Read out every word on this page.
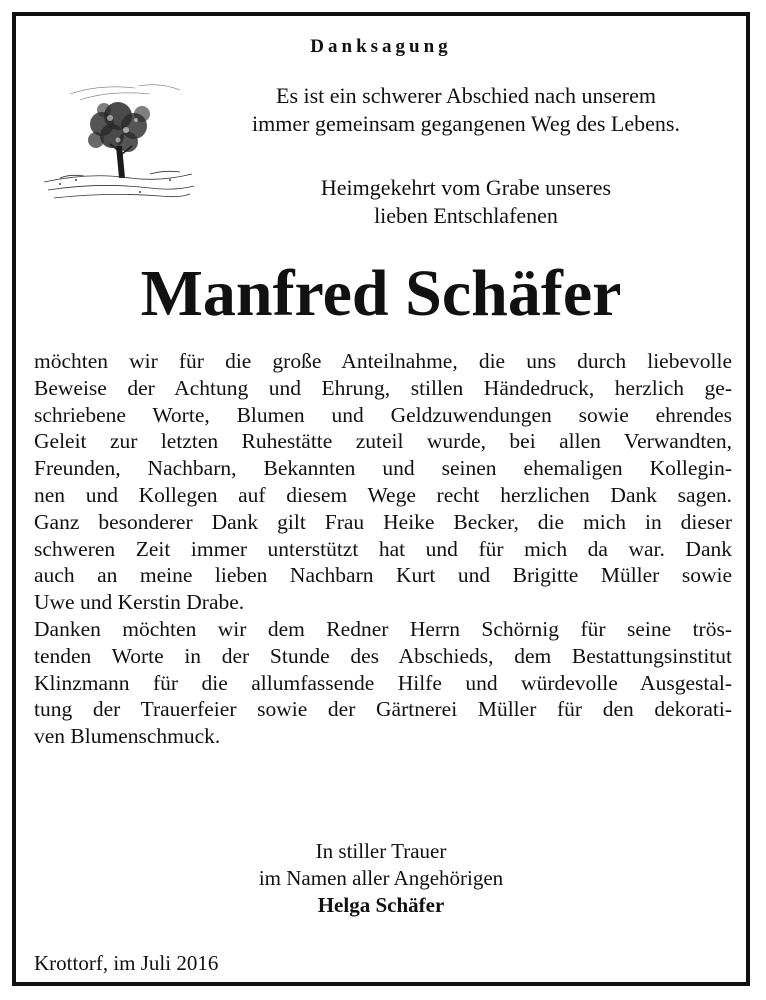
Danksagung
Es ist ein schwerer Abschied nach unserem
immer gemeinsam gegangenen Weg des Lebens.
Heimgekehrt vom Grabe unseres
lieben Entschlafenen
Manfred Schäfer
möchten wir für die große Anteilnahme, die uns durch liebevolle
Beweise der Achtung und Ehrung, stillen Händedruck, herzlich ge-
schriebene Worte, Blumen und Geldzuwendungen sowie ehrendes
Geleit zur letzten Ruhestätte zuteil wurde, bei allen Verwandten,
Freunden, Nachbarn, Bekannten und seinen ehemaligen Kollegin-
nen und Kollegen auf diesem Wege recht herzlichen Dank sagen.
Ganz besonderer Dank gilt Frau Heike Becker, die mich in dieser
schweren Zeit immer unterstützt hat und für mich da war. Dank
auch an meine lieben Nachbarn Kurt und Brigitte Müller sowie
Uwe und Kerstin Drabe.
Danken möchten wir dem Redner Herrn Schörnig für seine trös-
tenden Worte in der Stunde des Abschieds, dem Bestattungsinstitut
Klinzmann für die allumfassende Hilfe und würdevolle Ausgestal-
tung der Trauerfeier sowie der Gärtnerei Müller für den dekorati-
ven Blumenschmuck.
In stiller Trauer
im Namen aller Angehörigen
Helga Schäfer
Krottorf, im Juli 2016
